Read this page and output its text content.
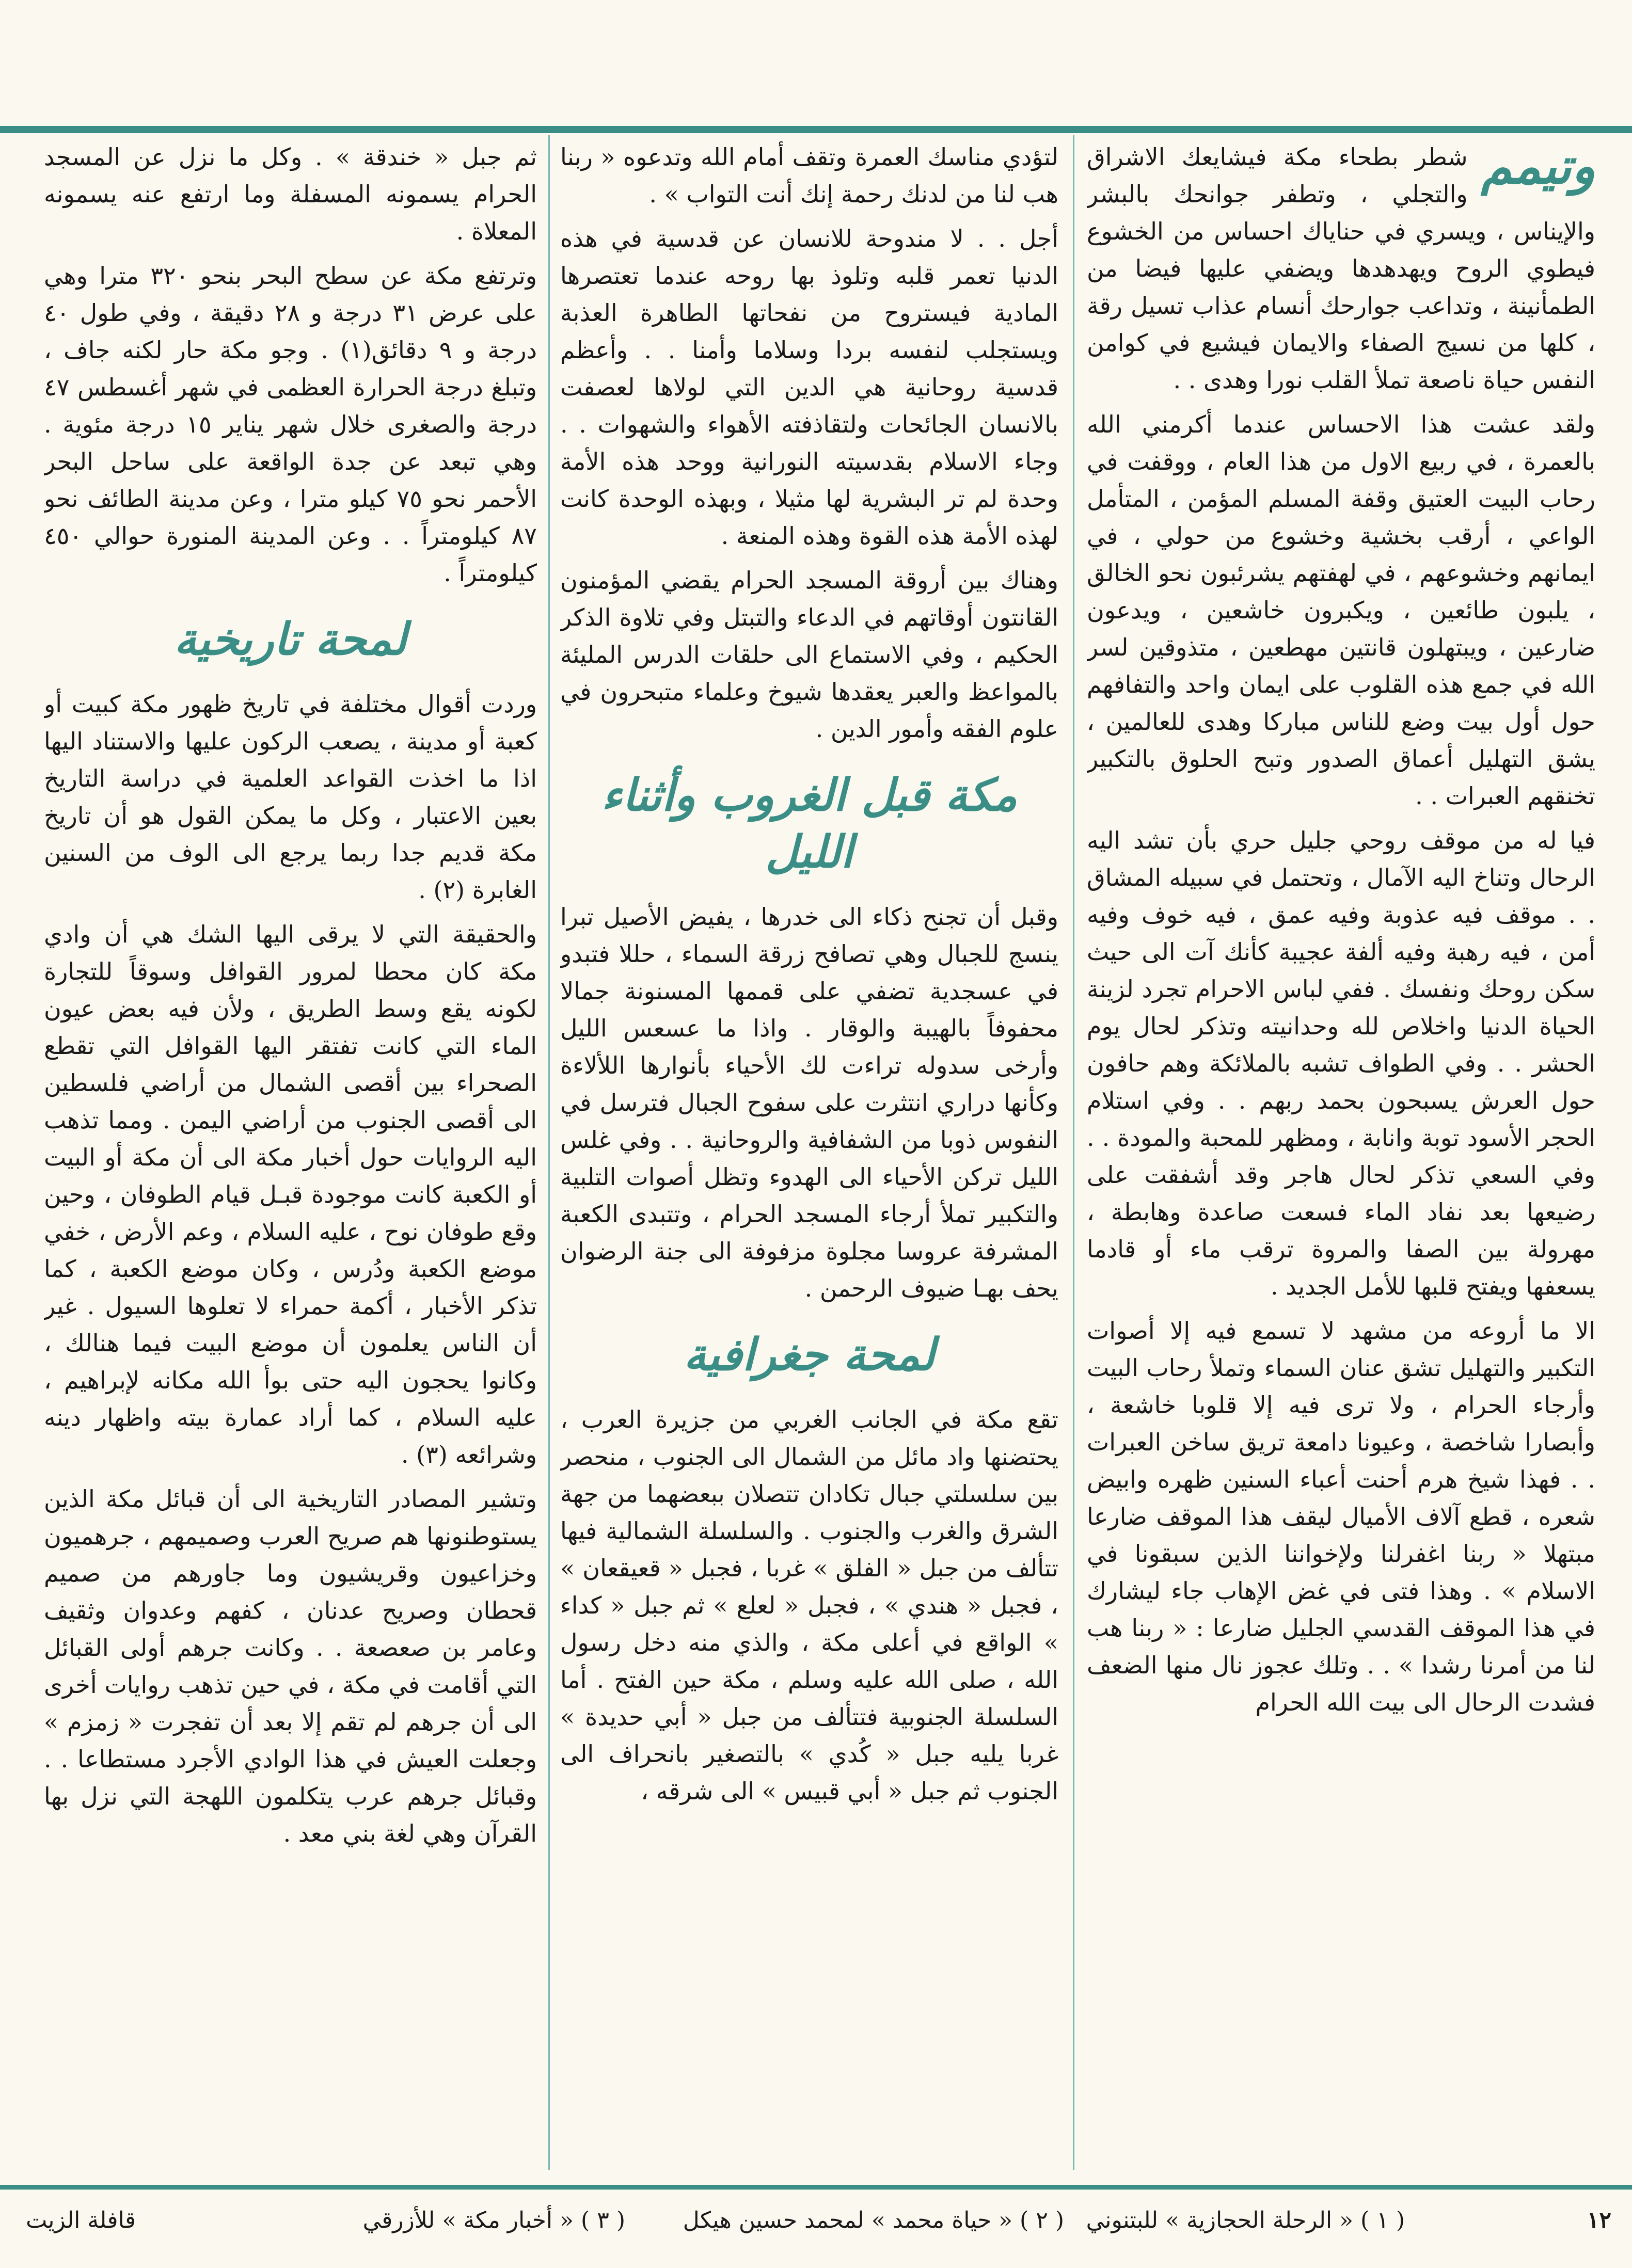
وتيمم

شطر بطحاء مكة فيشايعك الاشراق والتجلي ، وتطفر جوانحك بالبشر والإيناس ، ويسري في حناياك احساس من الخشوع فيطوي الروح ويهدهدها ويضفي عليها فيضا من الطمأنينة ، وتداعب جوارحك أنسام عذاب تسيل رقة ، كلها من نسيج الصفاء والايمان فيشيع في كوامن النفس حياة ناصعة تملأ القلب نورا وهدى . .

ولقد عشت هذا الاحساس عندما أكرمني الله بالعمرة ، في ربيع الاول من هذا العام ، ووقفت في رحاب البيت العتيق وقفة المسلم المؤمن ، المتأمل الواعي ، أرقب بخشية وخشوع من حولي ، في ايمانهم وخشوعهم ، في لهفتهم يشرئبون نحو الخالق ، يلبون طائعين ، ويكبرون خاشعين ، ويدعون ضارعين ، ويبتهلون قانتين مهطعين ، متذوقين لسر الله في جمع هذه القلوب على ايمان واحد والتفافهم حول أول بيت وضع للناس مباركا وهدى للعالمين ، يشق التهليل أعماق الصدور وتبح الحلوق بالتكبير تخنقهم العبرات . .

فيا له من موقف روحي جليل حري بأن تشد اليه الرحال وتناخ اليه الآمال ، وتحتمل في سبيله المشاق . . موقف فيه عذوبة وفيه عمق ، فيه خوف وفيه أمن ، فيه رهبة وفيه ألفة عجيبة كأنك آت الى حيث سكن روحك ونفسك . ففي لباس الاحرام تجرد لزينة الحياة الدنيا واخلاص لله وحدانيته وتذكر لحال يوم الحشر . . وفي الطواف تشبه بالملائكة وهم حافون حول العرش يسبحون بحمد ربهم . . وفي استلام الحجر الأسود توبة وانابة ، ومظهر للمحبة والمودة . . وفي السعي تذكر لحال هاجر وقد أشفقت على رضيعها بعد نفاد الماء فسعت صاعدة وهابطة ، مهرولة بين الصفا والمروة ترقب ماء أو قادما يسعفها ويفتح قلبها للأمل الجديد .

الا ما أروعه من مشهد لا تسمع فيه إلا أصوات التكبير والتهليل تشق عنان السماء وتملأ رحاب البيت وأرجاء الحرام ، ولا ترى فيه إلا قلوبا خاشعة ، وأبصارا شاخصة ، وعيونا دامعة تريق ساخن العبرات . . فهذا شيخ هرم أحنت أعباء السنين ظهره وابيض شعره ، قطع آلاف الأميال ليقف هذا الموقف ضارعا مبتهلا « ربنا اغفرلنا ولإخواننا الذين سبقونا في الاسلام » . وهذا فتى في غض الإهاب جاء ليشارك في هذا الموقف القدسي الجليل ضارعا : « ربنا هب لنا من أمرنا رشدا » . . وتلك عجوز نال منها الضعف فشدت الرحال الى بيت الله الحرام

لتؤدي مناسك العمرة وتقف أمام الله وتدعوه « ربنا هب لنا من لدنك رحمة إنك أنت التواب » .

أجل . . لا مندوحة للانسان عن قدسية في هذه الدنيا تعمر قلبه وتلوذ بها روحه عندما تعتصرها المادية فيستروح من نفحاتها الطاهرة العذبة ويستجلب لنفسه بردا وسلاما وأمنا . . وأعظم قدسية روحانية هي الدين التي لولاها لعصفت بالانسان الجائحات ولتقاذفته الأهواء والشهوات . . وجاء الاسلام بقدسيته النورانية ووحد هذه الأمة وحدة لم تر البشرية لها مثيلا ، وبهذه الوحدة كانت لهذه الأمة هذه القوة وهذه المنعة .

وهناك بين أروقة المسجد الحرام يقضي المؤمنون القانتون أوقاتهم في الدعاء والتبتل وفي تلاوة الذكر الحكيم ، وفي الاستماع الى حلقات الدرس المليئة بالمواعظ والعبر يعقدها شيوخ وعلماء متبحرون في علوم الفقه وأمور الدين .

مكة قبل الغروب وأثناء الليل

وقبل أن تجنح ذكاء الى خدرها ، يفيض الأصيل تبرا ينسج للجبال وهي تصافح زرقة السماء ، حللا فتبدو في عسجدية تضفي على قممها المسنونة جمالا محفوفاً بالهيبة والوقار . واذا ما عسعس الليل وأرخى سدوله تراءت لك الأحياء بأنوارها اللألاءة وكأنها دراري انتثرت على سفوح الجبال فترسل في النفوس ذوبا من الشفافية والروحانية . . وفي غلس الليل تركن الأحياء الى الهدوء وتظل أصوات التلبية والتكبير تملأ أرجاء المسجد الحرام ، وتتبدى الكعبة المشرفة عروسا مجلوة مزفوفة الى جنة الرضوان يحف بهـا ضيوف الرحمن .

لمحة جغرافية

تقع مكة في الجانب الغربي من جزيرة العرب ، يحتضنها واد مائل من الشمال الى الجنوب ، منحصر بين سلسلتي جبال تكادان تتصلان ببعضهما من جهة الشرق والغرب والجنوب . والسلسلة الشمالية فيها تتألف من جبل « الفلق » غربا ، فجبل « قعيقعان » ، فجبل « هندي » ، فجبل « لعلع » ثم جبل « كداء » الواقع في أعلى مكة ، والذي منه دخل رسول الله ، صلى الله عليه وسلم ، مكة حين الفتح . أما السلسلة الجنوبية فتتألف من جبل « أبي حديدة » غربا يليه جبل « كُدي » بالتصغير بانحراف الى الجنوب ثم جبل « أبي قبيس » الى شرقه ،

ثم جبل « خندقة » . وكل ما نزل عن المسجد الحرام يسمونه المسفلة وما ارتفع عنه يسمونه المعلاة .

وترتفع مكة عن سطح البحر بنحو ٣٢٠ مترا وهي على عرض ٣١ درجة و ٢٨ دقيقة ، وفي طول ٤٠ درجة و ٩ دقائق(١) . وجو مكة حار لكنه جاف ، وتبلغ درجة الحرارة العظمى في شهر أغسطس ٤٧ درجة والصغرى خلال شهر يناير ١٥ درجة مئوية . وهي تبعد عن جدة الواقعة على ساحل البحر الأحمر نحو ٧٥ كيلو مترا ، وعن مدينة الطائف نحو ٨٧ كيلومتراً . . وعن المدينة المنورة حوالي ٤٥٠ كيلومتراً .

لمحة تاريخية

وردت أقوال مختلفة في تاريخ ظهور مكة كبيت أو كعبة أو مدينة ، يصعب الركون عليها والاستناد اليها اذا ما اخذت القواعد العلمية في دراسة التاريخ بعين الاعتبار ، وكل ما يمكن القول هو أن تاريخ مكة قديم جدا ربما يرجع الى الوف من السنين الغابرة (٢) .

والحقيقة التي لا يرقى اليها الشك هي أن وادي مكة كان محطا لمرور القوافل وسوقاً للتجارة لكونه يقع وسط الطريق ، ولأن فيه بعض عيون الماء التي كانت تفتقر اليها القوافل التي تقطع الصحراء بين أقصى الشمال من أراضي فلسطين الى أقصى الجنوب من أراضي اليمن . ومما تذهب اليه الروايات حول أخبار مكة الى أن مكة أو البيت أو الكعبة كانت موجودة قبـل قيام الطوفان ، وحين وقع طوفان نوح ، عليه السلام ، وعم الأرض ، خفي موضع الكعبة ودُرس ، وكان موضع الكعبة ، كما تذكر الأخبار ، أكمة حمراء لا تعلوها السيول . غير أن الناس يعلمون أن موضع البيت فيما هنالك ، وكانوا يحجون اليه حتى بوأ الله مكانه لإبراهيم ، عليه السلام ، كما أراد عمارة بيته واظهار دينه وشرائعه (٣) .

وتشير المصادر التاريخية الى أن قبائل مكة الذين يستوطنونها هم صريح العرب وصميمهم ، جرهميون وخزاعيون وقريشيون وما جاورهم من صميم قحطان وصريح عدنان ، كفهم وعدوان وثقيف وعامر بن صعصعة . . وكانت جرهم أولى القبائل التي أقامت في مكة ، في حين تذهب روايات أخرى الى أن جرهم لم تقم إلا بعد أن تفجرت « زمزم » وجعلت العيش في هذا الوادي الأجرد مستطاعا . . وقبائل جرهم عرب يتكلمون اللهجة التي نزل بها القرآن وهي لغة بني معد .

١٢
( ١ ) « الرحلة الحجازية » للبتنوني
( ٢ ) « حياة محمد » لمحمد حسين هيكل
( ٣ ) « أخبار مكة » للأزرقي
قافلة الزيت
